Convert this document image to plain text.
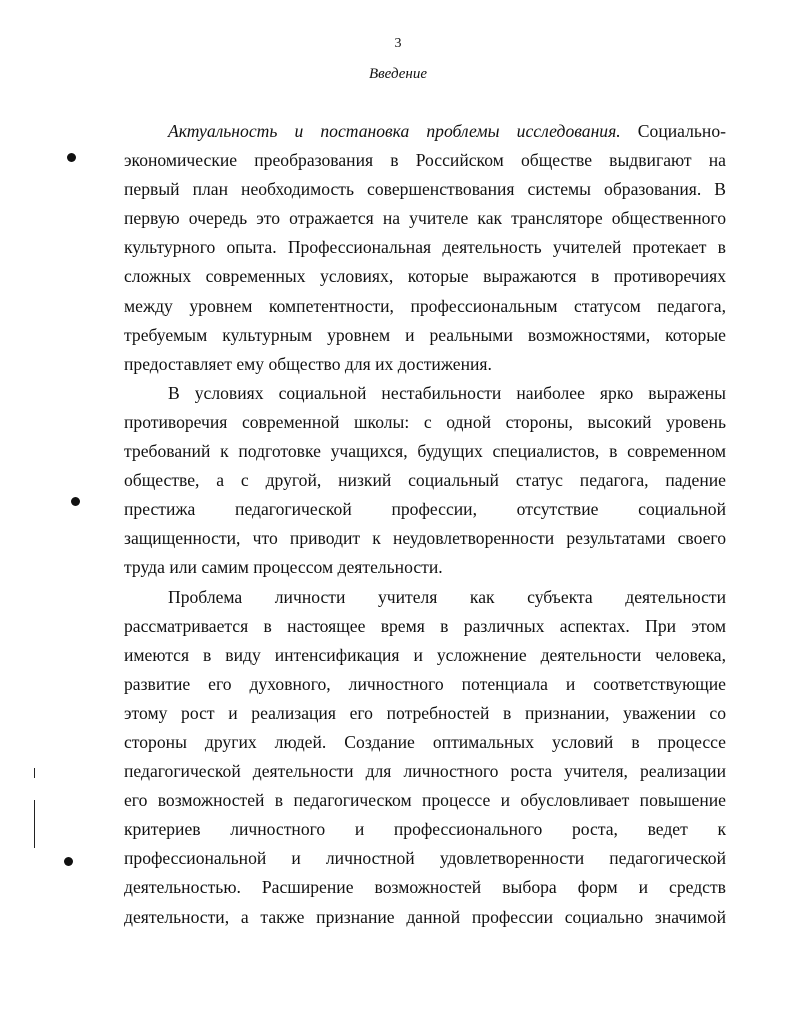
3
Введение
Актуальность и постановка проблемы исследования. Социально-
экономические преобразования в Российском обществе выдвигают на
первый план необходимость совершенствования системы образования. В
первую очередь это отражается на учителе как трансляторе общественного
культурного опыта. Профессиональная деятельность учителей протекает в
сложных современных условиях, которые выражаются в противоречиях
между уровнем компетентности, профессиональным статусом педагога,
требуемым культурным уровнем и реальными возможностями, которые
предоставляет ему общество для их достижения.
В условиях социальной нестабильности наиболее ярко выражены
противоречия современной школы: с одной стороны, высокий уровень
требований к подготовке учащихся, будущих специалистов, в современном
обществе, а с другой, низкий социальный статус педагога, падение
престижа педагогической профессии, отсутствие социальной
защищенности, что приводит к неудовлетворенности результатами своего
труда или самим процессом деятельности.
Проблема личности учителя как субъекта деятельности
рассматривается в настоящее время в различных аспектах. При этом
имеются в виду интенсификация и усложнение деятельности человека,
развитие его духовного, личностного потенциала и соответствующие
этому рост и реализация его потребностей в признании, уважении со
стороны других людей. Создание оптимальных условий в процессе
педагогической деятельности для личностного роста учителя, реализации
его возможностей в педагогическом процессе и обусловливает повышение
критериев личностного и профессионального роста, ведет к
профессиональной и личностной удовлетворенности педагогической
деятельностью. Расширение возможностей выбора форм и средств
деятельности, а также признание данной профессии социально значимой
